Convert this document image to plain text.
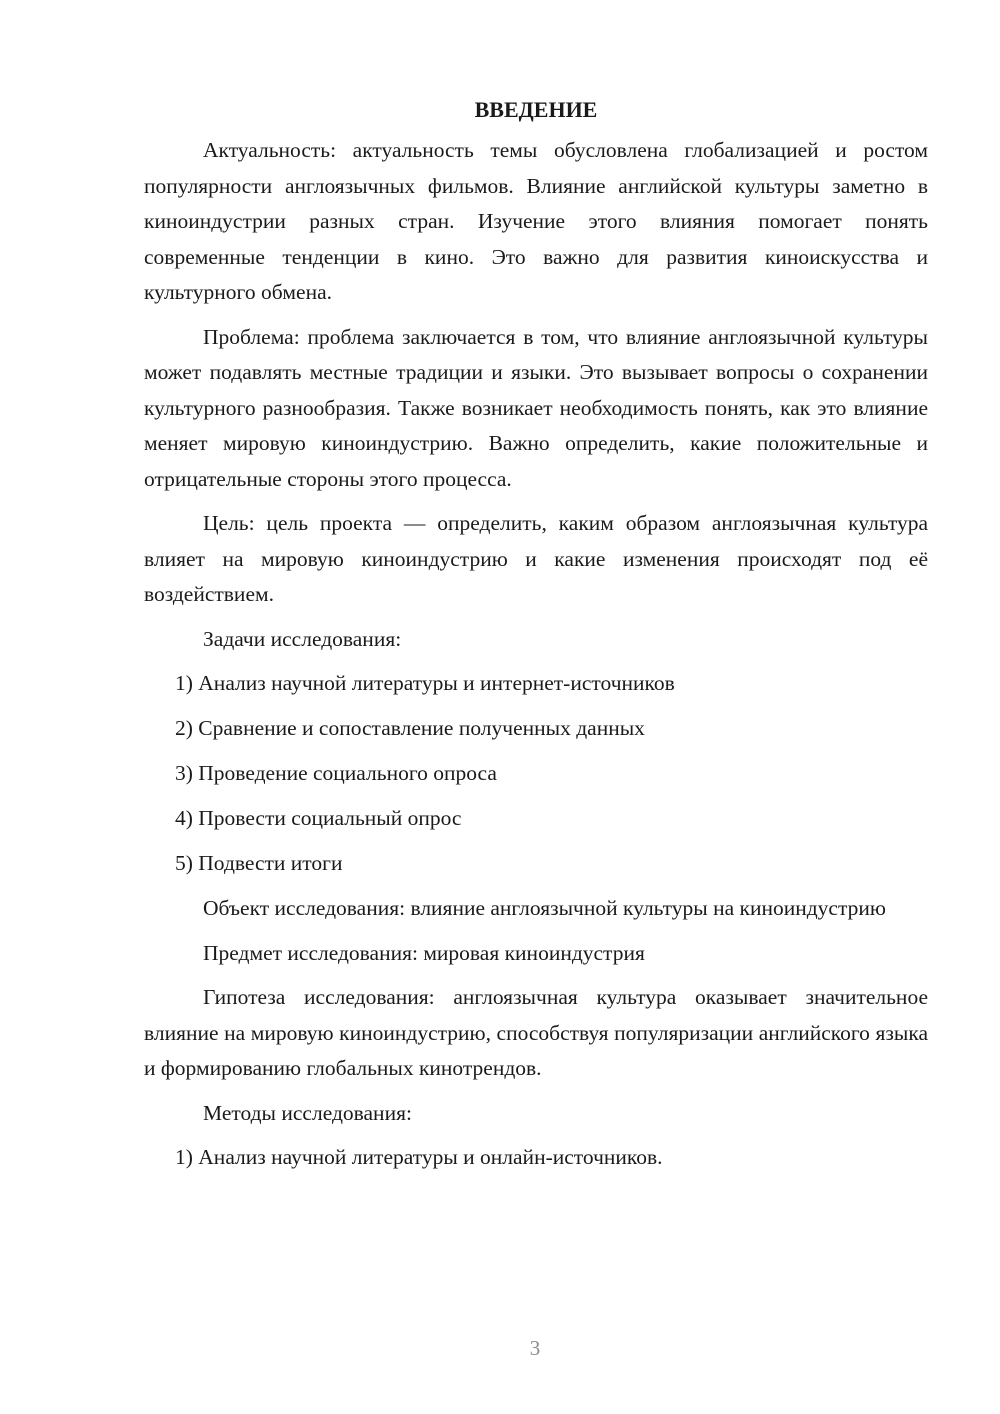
ВВЕДЕНИЕ

Актуальность: актуальность темы обусловлена глобализацией и ростом популярности англоязычных фильмов. Влияние английской культуры заметно в киноиндустрии разных стран. Изучение этого влияния помогает понять современные тенденции в кино. Это важно для развития киноискусства и культурного обмена.

Проблема: проблема заключается в том, что влияние англоязычной культуры может подавлять местные традиции и языки. Это вызывает вопросы о сохранении культурного разнообразия. Также возникает необходимость понять, как это влияние меняет мировую киноиндустрию. Важно определить, какие положительные и отрицательные стороны этого процесса.

Цель: цель проекта — определить, каким образом англоязычная культура влияет на мировую киноиндустрию и какие изменения происходят под её воздействием.

Задачи исследования:

1) Анализ научной литературы и интернет-источников
2) Сравнение и сопоставление полученных данных
3) Проведение социального опроса
4) Провести социальный опрос
5) Подвести итоги

Объект исследования: влияние англоязычной культуры на киноиндустрию

Предмет исследования: мировая киноиндустрия

Гипотеза исследования: англоязычная культура оказывает значительное влияние на мировую киноиндустрию, способствуя популяризации английского языка и формированию глобальных кинотрендов.

Методы исследования:

1) Анализ научной литературы и онлайн-источников.
3
